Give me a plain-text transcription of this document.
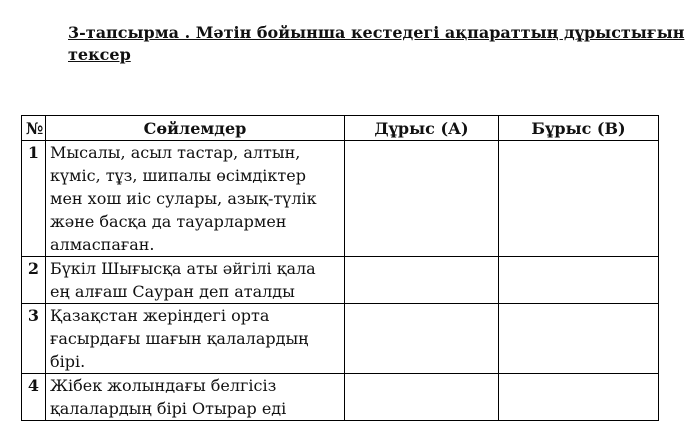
3-тапсырма . Мәтін бойынша кестедегі ақпараттың дұрыстығын
тексер
№	Сөйлемдер	Дұрыс (А)	Бұрыс (В)
1	Мысалы, асыл тастар, алтын,
күміс, тұз, шипалы өсімдіктер
мен хош иіс сулары, азық-түлік
және басқа да тауарлармен
алмаспаған.		

2	Бүкіл Шығысқа аты әйгілі қала
ең алғаш Сауран деп аталды		

3	Қазақстан жеріндегі орта
ғасырдағы шағын қалалардың
бірі.		

4	Жібек жолындағы белгісіз
қалалардың бірі Отырар еді		
